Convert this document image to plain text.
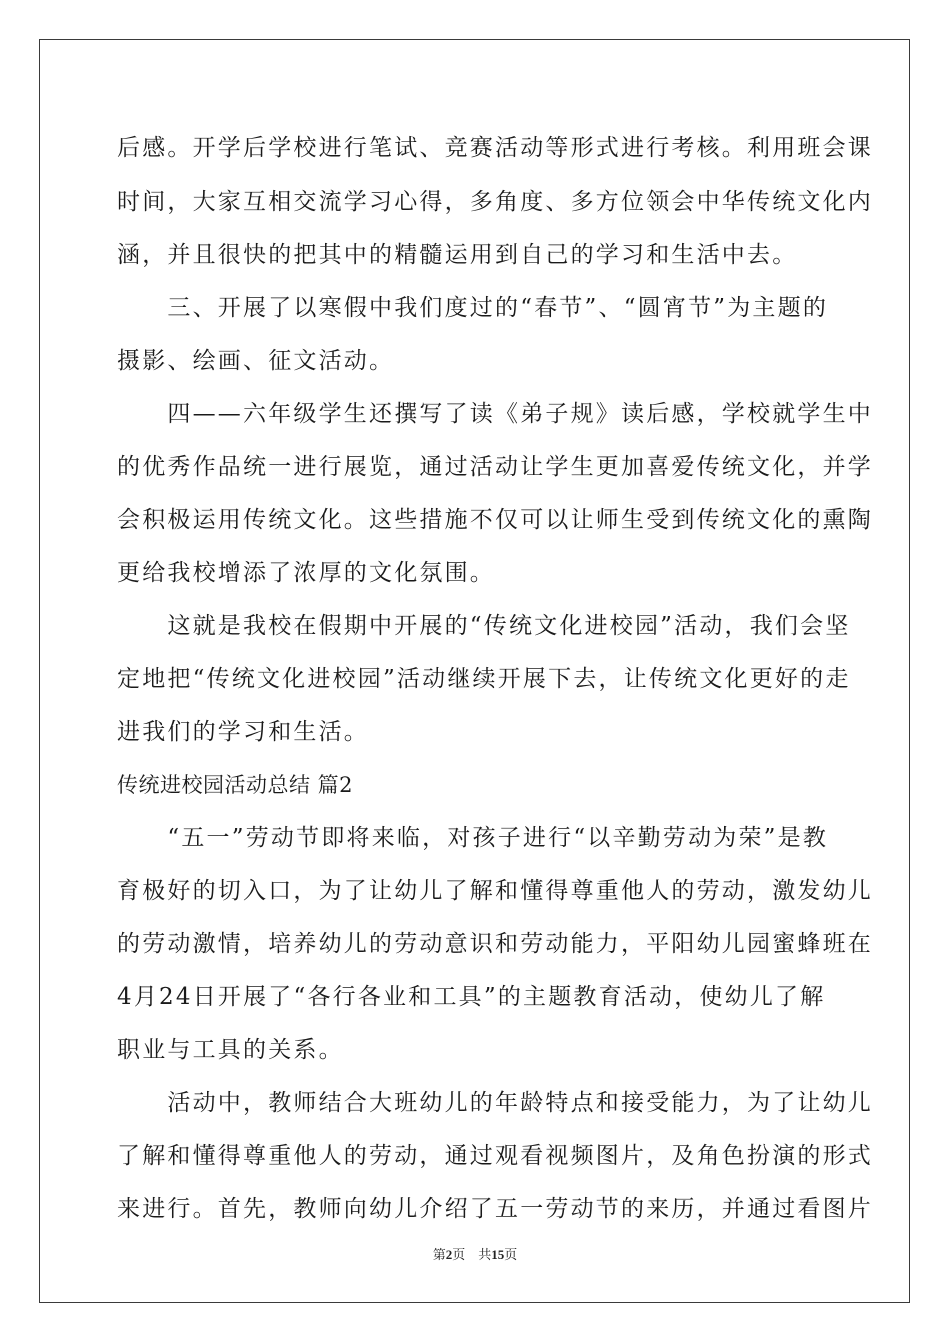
后感。开学后学校进行笔试、竞赛活动等形式进行考核。利用班会课
时间，大家互相交流学习心得，多角度、多方位领会中华传统文化内
涵，并且很快的把其中的精髓运用到自己的学习和生活中去。
　　三、开展了以寒假中我们度过的“春节”、“圆宵节”为主题的
摄影、绘画、征文活动。
　　四——六年级学生还撰写了读《弟子规》读后感，学校就学生中
的优秀作品统一进行展览，通过活动让学生更加喜爱传统文化，并学
会积极运用传统文化。这些措施不仅可以让师生受到传统文化的熏陶
更给我校增添了浓厚的文化氛围。
　　这就是我校在假期中开展的“传统文化进校园”活动，我们会坚
定地把“传统文化进校园”活动继续开展下去，让传统文化更好的走
进我们的学习和生活。
传统进校园活动总结 篇2
　　“五一”劳动节即将来临，对孩子进行“以辛勤劳动为荣”是教
育极好的切入口，为了让幼儿了解和懂得尊重他人的劳动，激发幼儿
的劳动激情，培养幼儿的劳动意识和劳动能力，平阳幼儿园蜜蜂班在
4月24日开展了“各行各业和工具”的主题教育活动，使幼儿了解
职业与工具的关系。
　　活动中，教师结合大班幼儿的年龄特点和接受能力，为了让幼儿
了解和懂得尊重他人的劳动，通过观看视频图片，及角色扮演的形式
来进行。首先，教师向幼儿介绍了五一劳动节的来历，并通过看图片
第2页　共15页
